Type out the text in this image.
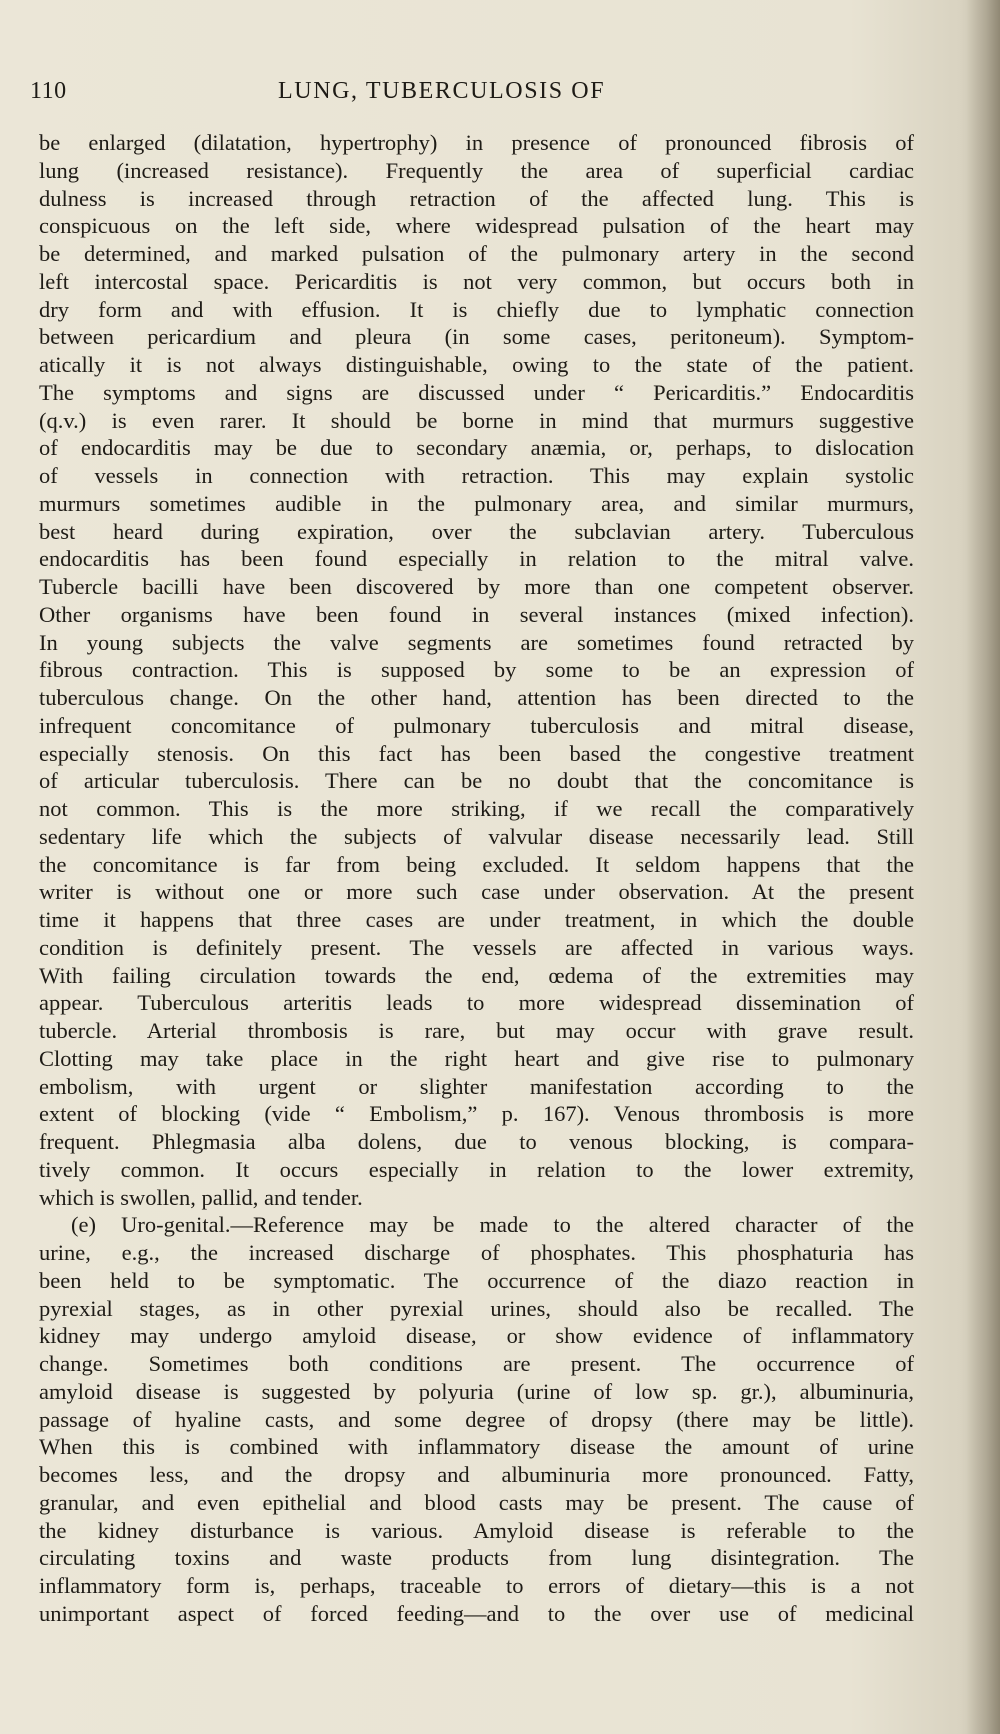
110	LUNG, TUBERCULOSIS OF
be enlarged (dilatation, hypertrophy) in presence of pronounced fibrosis of
lung (increased resistance). Frequently the area of superficial cardiac
dulness is increased through retraction of the affected lung. This is
conspicuous on the left side, where widespread pulsation of the heart may
be determined, and marked pulsation of the pulmonary artery in the second
left intercostal space. Pericarditis is not very common, but occurs both in
dry form and with effusion. It is chiefly due to lymphatic connection
between pericardium and pleura (in some cases, peritoneum). Symptom-
atically it is not always distinguishable, owing to the state of the patient.
The symptoms and signs are discussed under “ Pericarditis.” Endocarditis
(q.v.) is even rarer. It should be borne in mind that murmurs suggestive
of endocarditis may be due to secondary anæmia, or, perhaps, to dislocation
of vessels in connection with retraction. This may explain systolic
murmurs sometimes audible in the pulmonary area, and similar murmurs,
best heard during expiration, over the subclavian artery. Tuberculous
endocarditis has been found especially in relation to the mitral valve.
Tubercle bacilli have been discovered by more than one competent observer.
Other organisms have been found in several instances (mixed infection).
In young subjects the valve segments are sometimes found retracted by
fibrous contraction. This is supposed by some to be an expression of
tuberculous change. On the other hand, attention has been directed to the
infrequent concomitance of pulmonary tuberculosis and mitral disease,
especially stenosis. On this fact has been based the congestive treatment
of articular tuberculosis. There can be no doubt that the concomitance is
not common. This is the more striking, if we recall the comparatively
sedentary life which the subjects of valvular disease necessarily lead. Still
the concomitance is far from being excluded. It seldom happens that the
writer is without one or more such case under observation. At the present
time it happens that three cases are under treatment, in which the double
condition is definitely present. The vessels are affected in various ways.
With failing circulation towards the end, œdema of the extremities may
appear. Tuberculous arteritis leads to more widespread dissemination of
tubercle. Arterial thrombosis is rare, but may occur with grave result.
Clotting may take place in the right heart and give rise to pulmonary
embolism, with urgent or slighter manifestation according to the
extent of blocking (vide “ Embolism,” p. 167). Venous thrombosis is more
frequent. Phlegmasia alba dolens, due to venous blocking, is compara-
tively common. It occurs especially in relation to the lower extremity,
which is swollen, pallid, and tender.
(e) Uro-genital.—Reference may be made to the altered character of the
urine, e.g., the increased discharge of phosphates. This phosphaturia has
been held to be symptomatic. The occurrence of the diazo reaction in
pyrexial stages, as in other pyrexial urines, should also be recalled. The
kidney may undergo amyloid disease, or show evidence of inflammatory
change. Sometimes both conditions are present. The occurrence of
amyloid disease is suggested by polyuria (urine of low sp. gr.), albuminuria,
passage of hyaline casts, and some degree of dropsy (there may be little).
When this is combined with inflammatory disease the amount of urine
becomes less, and the dropsy and albuminuria more pronounced. Fatty,
granular, and even epithelial and blood casts may be present. The cause of
the kidney disturbance is various. Amyloid disease is referable to the
circulating toxins and waste products from lung disintegration. The
inflammatory form is, perhaps, traceable to errors of dietary—this is a not
unimportant aspect of forced feeding—and to the over use of medicinal
